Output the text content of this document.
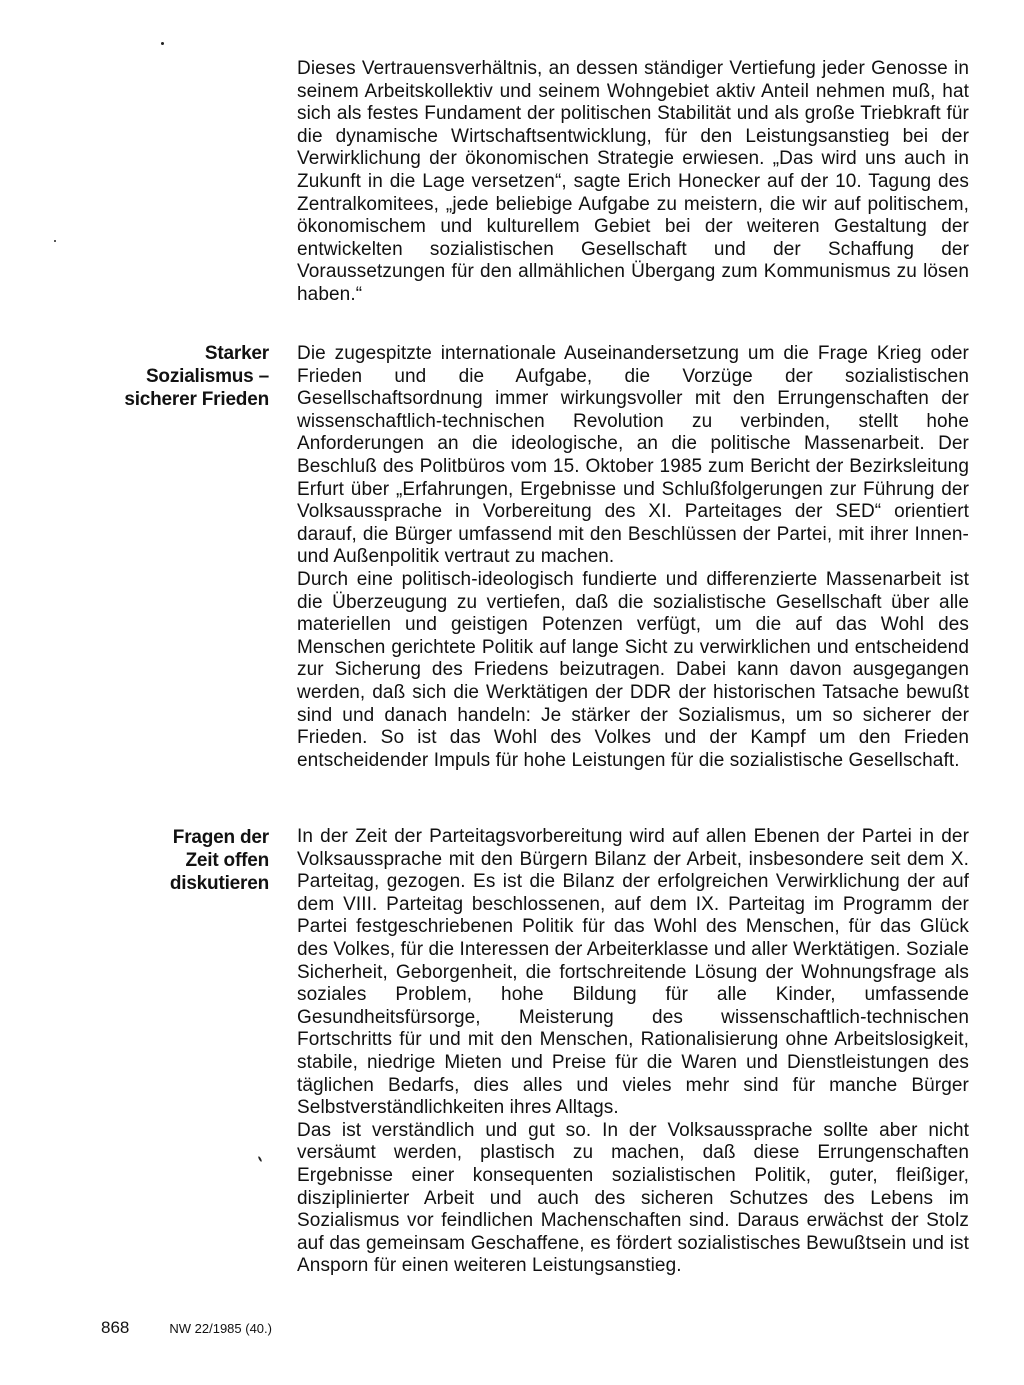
Dieses Vertrauensverhältnis, an dessen ständiger Vertiefung jeder Genosse in seinem Arbeitskollektiv und seinem Wohngebiet aktiv Anteil nehmen muß, hat sich als festes Fundament der politischen Stabilität und als große Triebkraft für die dynamische Wirtschaftsentwicklung, für den Leistungsanstieg bei der Verwirklichung der ökonomischen Strategie erwiesen. „Das wird uns auch in Zukunft in die Lage versetzen“, sagte Erich Honecker auf der 10. Tagung des Zentralkomitees, „jede beliebige Aufgabe zu meistern, die wir auf politischem, ökonomischem und kulturellem Gebiet bei der weiteren Gestaltung der entwickelten sozialistischen Gesellschaft und der Schaffung der Voraussetzungen für den allmählichen Übergang zum Kommunismus zu lösen haben.“

Starker
Sozialismus –
sicherer Frieden

Die zugespitzte internationale Auseinandersetzung um die Frage Krieg oder Frieden und die Aufgabe, die Vorzüge der sozialistischen Gesellschaftsordnung immer wirkungsvoller mit den Errungenschaften der wissenschaftlich-technischen Revolution zu verbinden, stellt hohe Anforderungen an die ideologische, an die politische Massenarbeit. Der Beschluß des Politbüros vom 15. Oktober 1985 zum Bericht der Bezirksleitung Erfurt über „Erfahrungen, Ergebnisse und Schlußfolgerungen zur Führung der Volksaussprache in Vorbereitung des XI. Parteitages der SED“ orientiert darauf, die Bürger umfassend mit den Beschlüssen der Partei, mit ihrer Innen- und Außenpolitik vertraut zu machen.

Durch eine politisch-ideologisch fundierte und differenzierte Massenarbeit ist die Überzeugung zu vertiefen, daß die sozialistische Gesellschaft über alle materiellen und geistigen Potenzen verfügt, um die auf das Wohl des Menschen gerichtete Politik auf lange Sicht zu verwirklichen und entscheidend zur Sicherung des Friedens beizutragen. Dabei kann davon ausgegangen werden, daß sich die Werktätigen der DDR der historischen Tatsache bewußt sind und danach handeln: Je stärker der Sozialismus, um so sicherer der Frieden. So ist das Wohl des Volkes und der Kampf um den Frieden entscheidender Impuls für hohe Leistungen für die sozialistische Gesellschaft.

Fragen der
Zeit offen
diskutieren

In der Zeit der Parteitagsvorbereitung wird auf allen Ebenen der Partei in der Volksaussprache mit den Bürgern Bilanz der Arbeit, insbesondere seit dem X. Parteitag, gezogen. Es ist die Bilanz der erfolgreichen Verwirklichung der auf dem VIII. Parteitag beschlossenen, auf dem IX. Parteitag im Programm der Partei festgeschriebenen Politik für das Wohl des Menschen, für das Glück des Volkes, für die Interessen der Arbeiterklasse und aller Werktätigen. Soziale Sicherheit, Geborgenheit, die fortschreitende Lösung der Wohnungsfrage als soziales Problem, hohe Bildung für alle Kinder, umfassende Gesundheitsfürsorge, Meisterung des wissenschaftlich-technischen Fortschritts für und mit den Menschen, Rationalisierung ohne Arbeitslosigkeit, stabile, niedrige Mieten und Preise für die Waren und Dienstleistungen des täglichen Bedarfs, dies alles und vieles mehr sind für manche Bürger Selbstverständlichkeiten ihres Alltags.

Das ist verständlich und gut so. In der Volksaussprache sollte aber nicht versäumt werden, plastisch zu machen, daß diese Errungenschaften Ergebnisse einer konsequenten sozialistischen Politik, guter, fleißiger, disziplinierter Arbeit und auch des sicheren Schutzes des Lebens im Sozialismus vor feindlichen Machenschaften sind. Daraus erwächst der Stolz auf das gemeinsam Geschaffene, es fördert sozialistisches Bewußtsein und ist Ansporn für einen weiteren Leistungsanstieg.

868	NW 22/1985 (40.)
